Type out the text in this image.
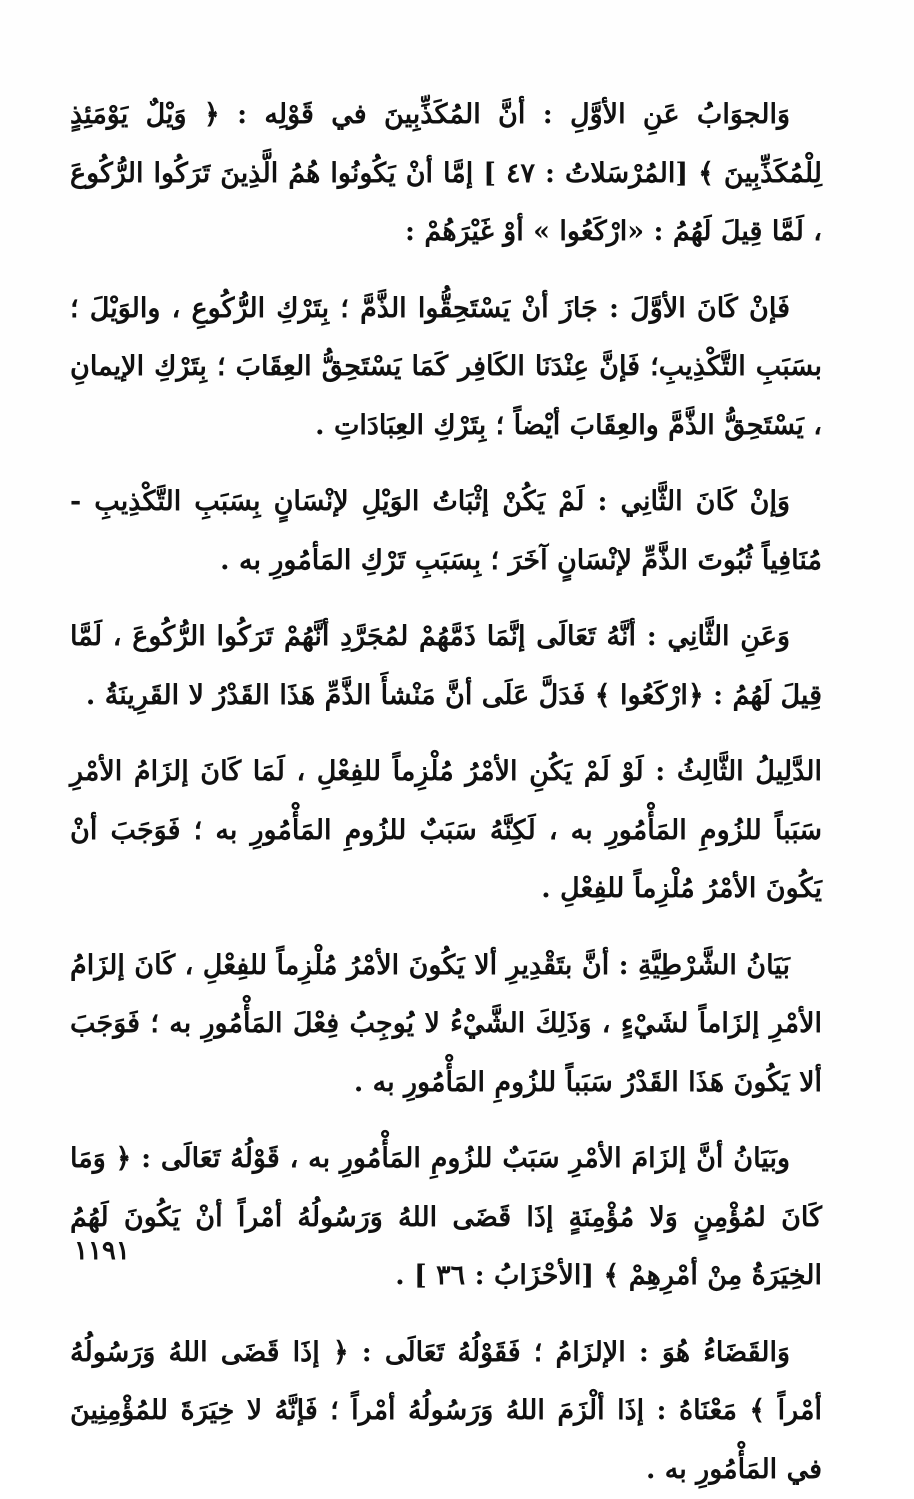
وَالجوَابُ عَنِ الأوَّلِ : أنَّ المُكَذِّبِينَ في قَوْلِه : ﴿ وَيْلٌ يَوْمَئِذٍ لِلْمُكَذِّبِينَ ﴾ [المُرْسَلاتُ : ٤٧ ] إمَّا أنْ يَكُونُوا هُمُ الَّذِينَ تَرَكُوا الرُّكُوعَ ، لَمَّا قِيلَ لَهُمُ : «ارْكَعُوا » أوْ غَيْرَهُمْ :

فَإنْ كَانَ الأوَّلَ : جَازَ أنْ يَسْتَحِقُّوا الذَّمَّ ؛ بِتَرْكِ الرُّكُوعِ ، والوَيْلَ ؛ بسَبَبِ التَّكْذِيبِ؛ فَإنَّ عِنْدَنَا الكَافِر كَمَا يَسْتَحِقُّ العِقَابَ ؛ بِتَرْكِ الإيمانِ ، يَسْتَحِقُّ الذَّمَّ والعِقَابَ أيْضاً ؛ بِتَرْكِ العِبَادَاتِ .

وَإنْ كَانَ الثَّانِي : لَمْ يَكُنْ إثْبَاتُ الوَيْلِ لإنْسَانٍ بِسَبَبِ التَّكْذِيبِ - مُنَافِياً ثُبُوتَ الذَّمِّ لإنْسَانٍ آخَرَ ؛ بِسَبَبِ تَرْكِ المَأمُورِ به .

وَعَنِ الثَّانِي : أنَّهُ تَعَالَى إنَّمَا ذَمَّهُمْ لمُجَرَّدِ أنَّهُمْ تَرَكُوا الرُّكُوعَ ، لَمَّا قِيلَ لَهُمُ : ﴿ارْكَعُوا ﴾ فَدَلَّ عَلَى أنَّ مَنْشأَ الذَّمِّ هَذَا القَدْرُ لا القَرِينَةُ .

الدَّلِيلُ الثَّالِثُ : لَوْ لَمْ يَكُنِ الأمْرُ مُلْزِماً للفِعْلِ ، لَمَا كَانَ إلزَامُ الأمْرِ سَبَباً للزُومِ المَأْمُورِ به ، لَكِنَّهُ سَبَبٌ للزُومِ المَأْمُورِ به ؛ فَوَجَبَ أنْ يَكُونَ الأمْرُ مُلْزِماً للفِعْلِ .

بَيَانُ الشَّرْطِيَّةِ : أنَّ بتَقْدِيرِ ألا يَكُونَ الأمْرُ مُلْزِماً للفِعْلِ ، كَانَ إلزَامُ الأمْرِ إلزَاماً لشَيْءٍ ، وَذَلِكَ الشَّيْءُ لا يُوجِبُ فِعْلَ المَأْمُورِ به ؛ فَوَجَبَ ألا يَكُونَ هَذَا القَدْرُ سَبَباً للزُومِ المَأْمُورِ به .

وبَيَانُ أنَّ إلزَامَ الأمْرِ سَبَبٌ للزُومِ المَأْمُورِ به ، قَوْلُهُ تَعَالَى : ﴿ وَمَا كَانَ لمُؤْمِنٍ وَلا مُؤْمِنَةٍ إذَا قَضَى اللهُ وَرَسُولُهُ أمْراً أنْ يَكُونَ لَهُمُ الخِيَرَةُ مِنْ أمْرِهِمْ ﴾ [الأحْزَابُ : ٣٦ ] .

وَالقَضَاءُ هُوَ : الإلزَامُ ؛ فَقَوْلُهُ تَعَالَى : ﴿ إذَا قَضَى اللهُ وَرَسُولُهُ أمْراً ﴾ مَعْنَاهُ : إذَا ألْزَمَ اللهُ وَرَسُولُهُ أمْراً ؛ فَإنَّهُ لا خِيَرَةَ للمُؤْمِنِينَ في المَأْمُورِ به .

١١٩١
